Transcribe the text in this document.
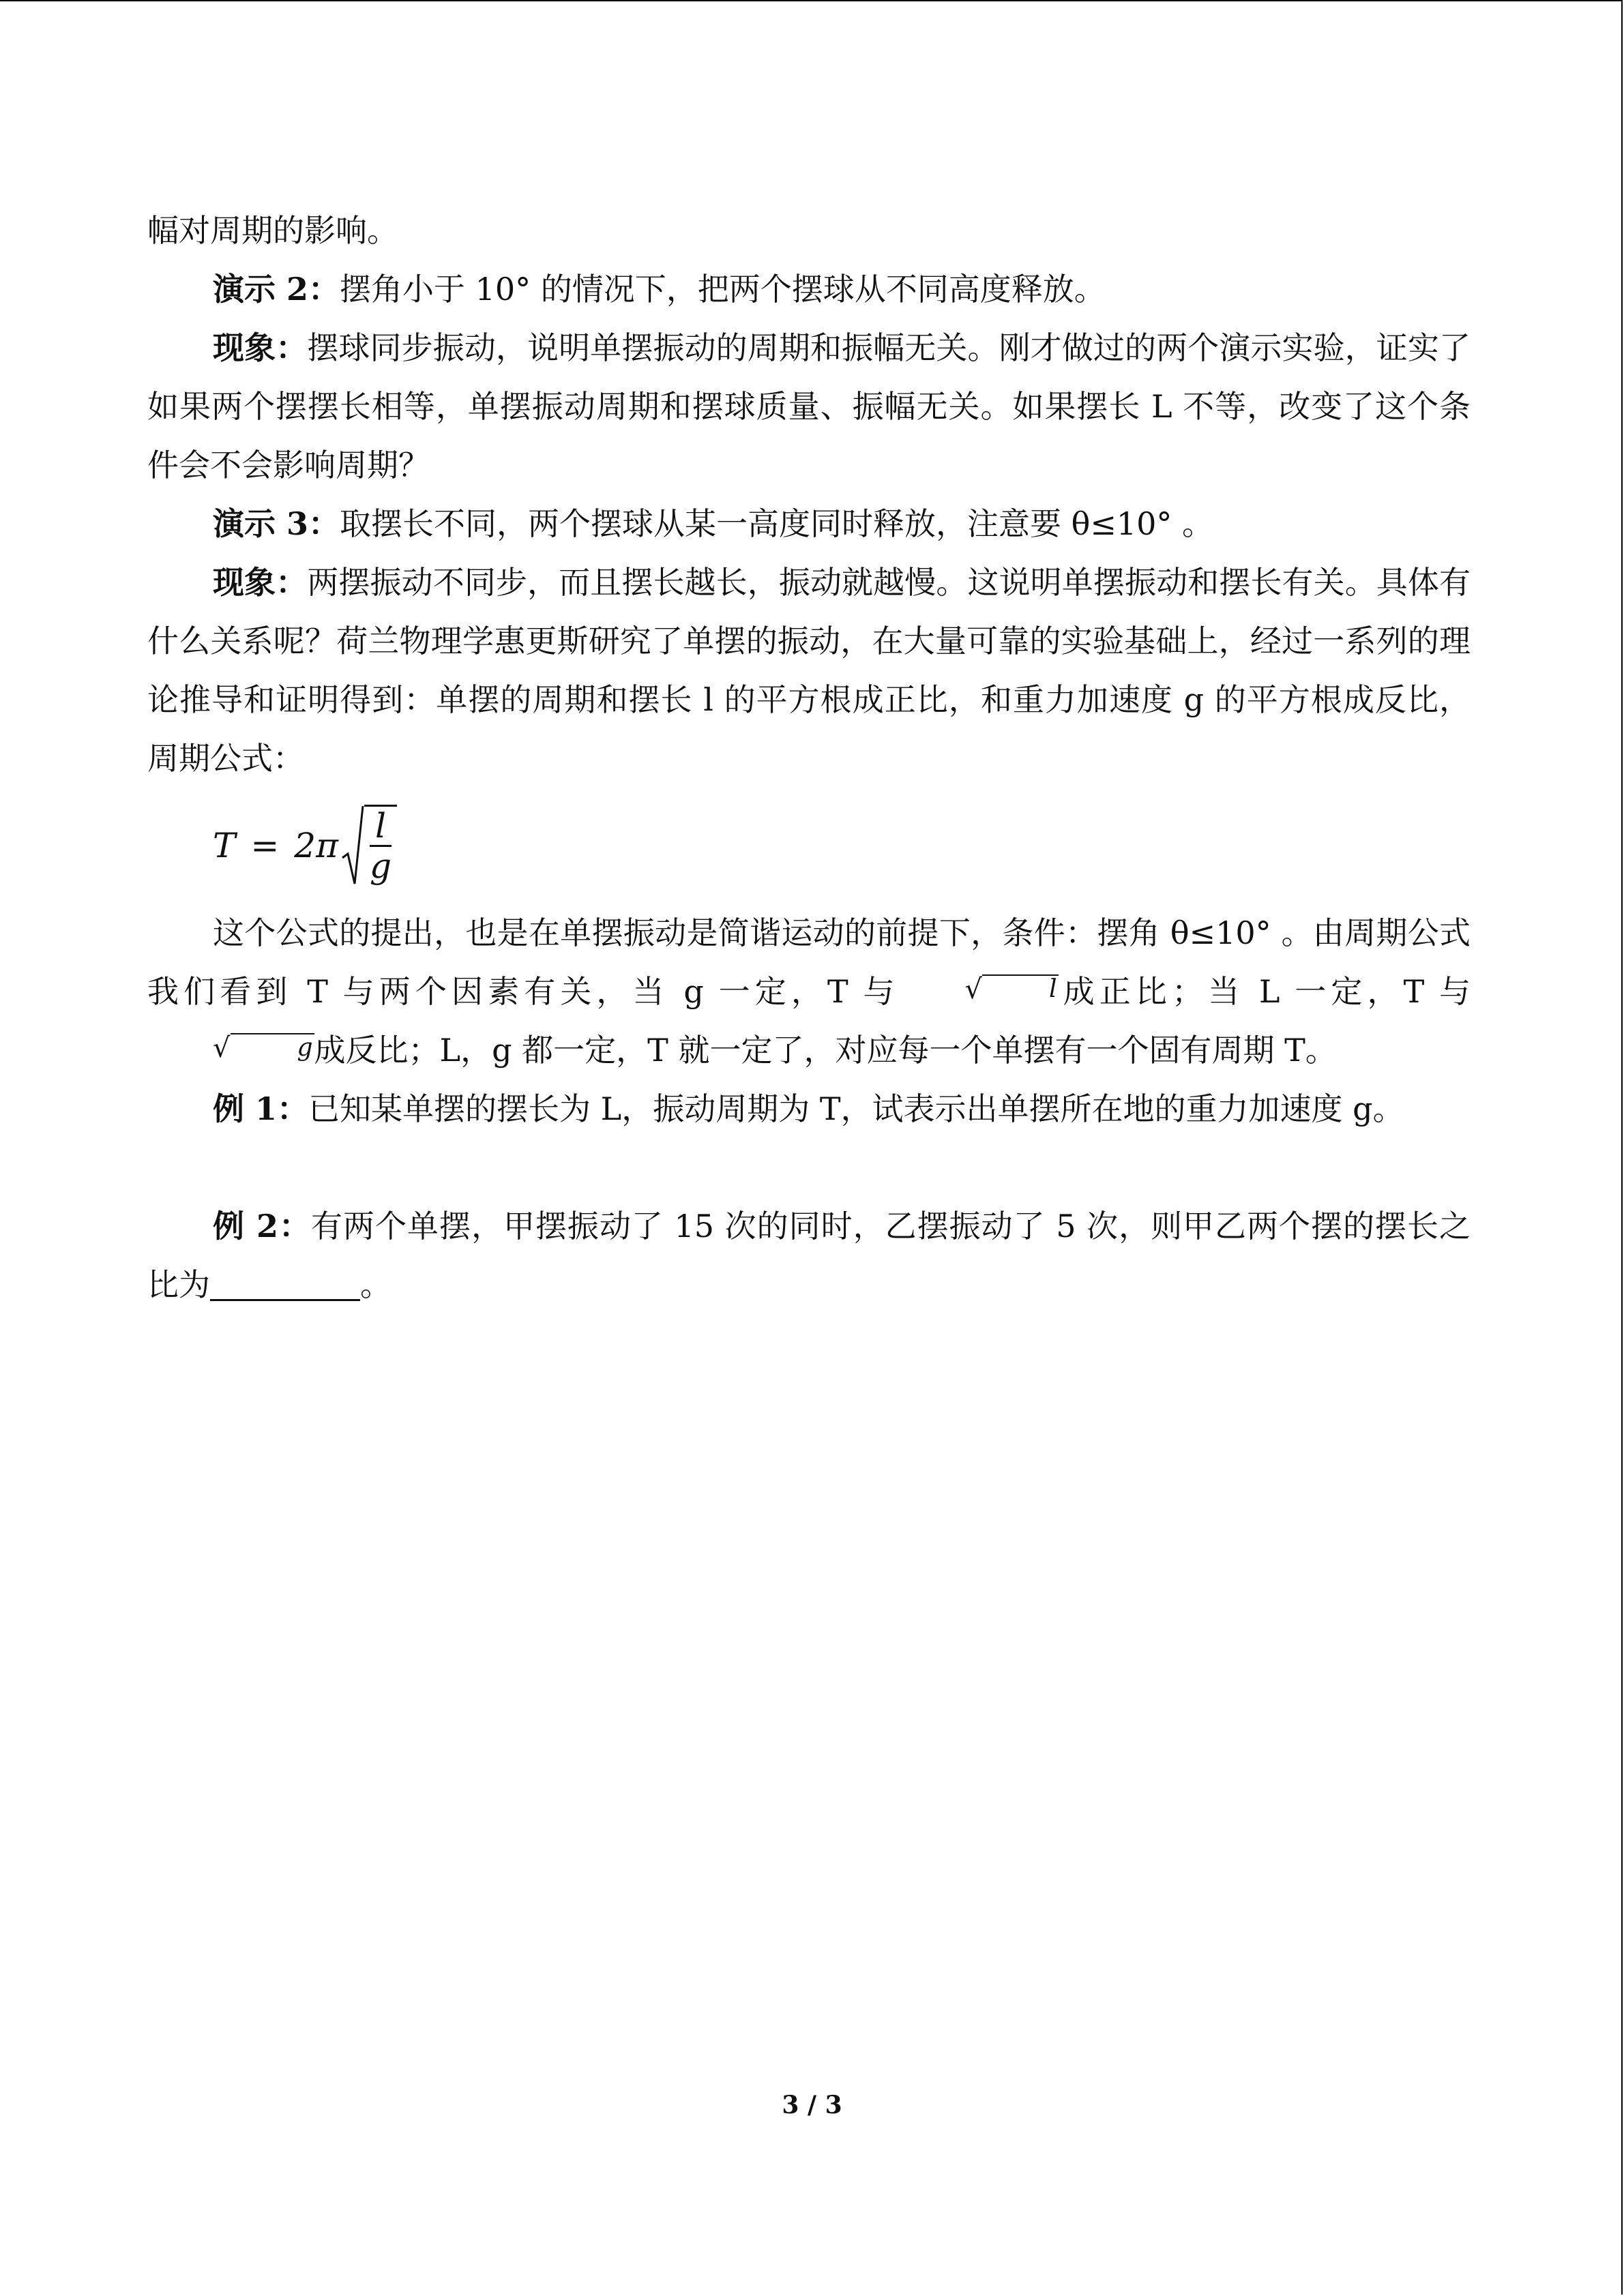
幅对周期的影响。

演示 2：摆角小于 10° 的情况下，把两个摆球从不同高度释放。

现象：摆球同步振动，说明单摆振动的周期和振幅无关。刚才做过的两个演示实验，证实了如果两个摆摆长相等，单摆振动周期和摆球质量、振幅无关。如果摆长 L 不等，改变了这个条件会不会影响周期？

演示 3：取摆长不同，两个摆球从某一高度同时释放，注意要 θ≤10° 。

现象：两摆振动不同步，而且摆长越长，振动就越慢。这说明单摆振动和摆长有关。具体有什么关系呢？荷兰物理学惠更斯研究了单摆的振动，在大量可靠的实验基础上，经过一系列的理论推导和证明得到：单摆的周期和摆长 l 的平方根成正比，和重力加速度 g 的平方根成反比，周期公式：

$T = 2\pi \frac{l}{g}$

这个公式的提出，也是在单摆振动是简谐运动的前提下，条件：摆角 θ≤10° 。由周期公式我们看到 T 与两个因素有关，当 g 一定，T 与	√	l 成正比；当 L 一定，T 与
√	g 成反比；L，g 都一定，T 就一定了，对应每一个单摆有一个固有周期 T。

例 1：已知某单摆的摆长为 L，振动周期为 T，试表示出单摆所在地的重力加速度 g。

例 2：有两个单摆，甲摆振动了 15 次的同时，乙摆振动了 5 次，则甲乙两个摆的摆长之比为	。

3 / 3
